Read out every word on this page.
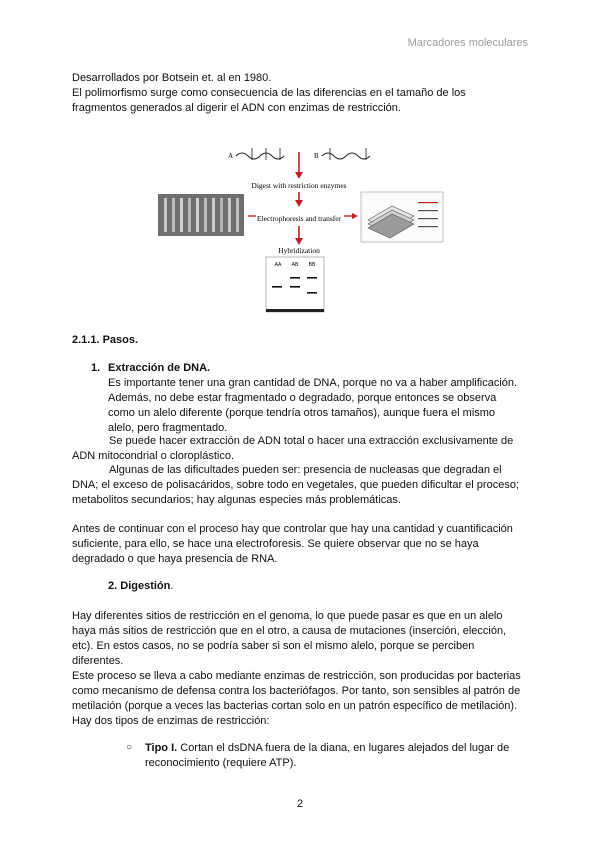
Marcadores moleculares

Desarrollados por Botsein et. al en 1980.
El polimorfismo surge como consecuencia de las diferencias en el tamaño de los
fragmentos generados al digerir el ADN con enzimas de restricción.

A	B
Digest with restriction enzymes
Electrophoresis and transfer
Hybridization
AA AB BB
2.1.1. Pasos.
1. Extracción de DNA.

Es importante tener una gran cantidad de DNA, porque no va a haber amplificación.
Además, no debe estar fragmentado o degradado, porque entonces se observa
como un alelo diferente (porque tendría otros tamaños), aunque fuera el mismo
alelo, pero fragmentado.

Se puede hacer extracción de ADN total o hacer una extracción exclusivamente de
ADN mitocondrial o cloroplástico.

Algunas de las dificultades pueden ser: presencia de nucleasas que degradan el
DNA; el exceso de polisacáridos, sobre todo en vegetales, que pueden dificultar el proceso;
metabolitos secundarios; hay algunas especies más problemáticas.

Antes de continuar con el proceso hay que controlar que hay una cantidad y cuantificación
suficiente, para ello, se hace una electroforesis. Se quiere observar que no se haya
degradado o que haya presencia de RNA.

2. Digestión.

Hay diferentes sitios de restricción en el genoma, lo que puede pasar es que en un alelo
haya más sitios de restricción que en el otro, a causa de mutaciones (inserción, elección,
etc). En estos casos, no se podría saber si son el mismo alelo, porque se perciben
diferentes.

Este proceso se lleva a cabo mediante enzimas de restricción, son producidas por bacterias
como mecanismo de defensa contra los bacteriófagos. Por tanto, son sensibles al patrón de
metilación (porque a veces las bacterias cortan solo en un patrón específico de metilación).
Hay dos tipos de enzimas de restricción:

○ Tipo I. Cortan el dsDNA fuera de la diana, en lugares alejados del lugar de
reconocimiento (requiere ATP).

2
